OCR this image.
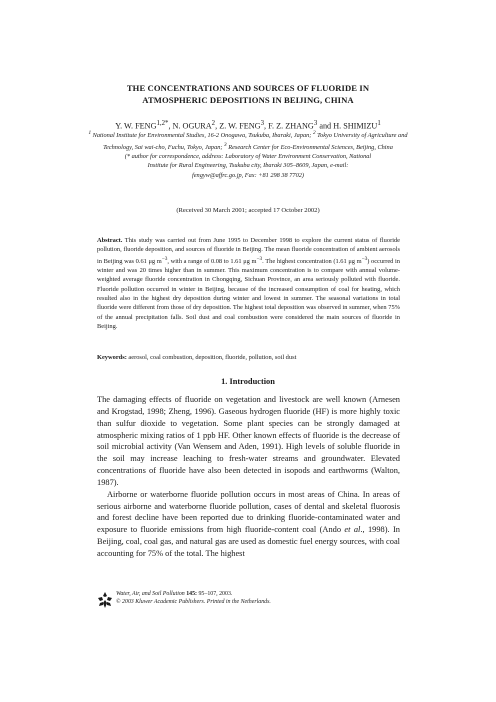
THE CONCENTRATIONS AND SOURCES OF FLUORIDE IN
ATMOSPHERIC DEPOSITIONS IN BEIJING, CHINA
Y. W. $FENG^{1,2*}$, N. OGURA$^2$, Z. W. FENG$^3$, F. Z. ZHANG$^3$ and H. SHIMIZU$^1$
$^1$ National Institute for Environmental Studies, 16-2 Onogawa, Tsukuba, Ibaraki, Japan; $^2$ Tokyo University of Agriculture and Technology, Sai wai-cho, Fuchu, Tokyo, Japan; $^3$ Research Center for Eco-Environmental Sciences, Beijing, China
(* author for correspondence, address: Laboratory of Water Environment Conservation, National
Institute for Rural Engineering, Tsukuba city, Ibaraki 305–8609, Japan, e-mail:
fengyw@affrc.go.jp, Fax: +81 298 38 7702)
(Received 30 March 2001; accepted 17 October 2002)
Abstract. This study was carried out from June 1995 to December 1998 to explore the current status of fluoride pollution, fluoride deposition, and sources of fluoride in Beijing. The mean fluoride concentration of ambient aerosols in Beijing was 0.61 μg $m^{-3}$, with a range of 0.08 to 1.61 μg $m^{-3}$. The highest concentration (1.61 μg $m^{-3}$) occurred in winter and was 20 times higher than in summer. This maximum concentration is to compare with annual volume-weighted average fluoride concentration in Chongqing, Sichuan Province, an area seriously polluted with fluoride. Fluoride pollution occurred in winter in Beijing, because of the increased consumption of coal for heating, which resulted also in the highest dry deposition during winter and lowest in summer. The seasonal variations in total fluoride were different from those of dry deposition. The highest total deposition was observed in summer, when 75% of the annual precipitation falls. Soil dust and coal combustion were considered the main sources of fluoride in Beijing.
Keywords: aerosol, coal combustion, deposition, fluoride, pollution, soil dust
1. Introduction

The damaging effects of fluoride on vegetation and livestock are well known (Arnesen and Krogstad, 1998; Zheng, 1996). Gaseous hydrogen fluoride (HF) is more highly toxic than sulfur dioxide to vegetation. Some plant species can be strongly damaged at atmospheric mixing ratios of 1 ppb HF. Other known effects of fluoride is the decrease of soil microbial activity (Van Wensem and Aden, 1991). High levels of soluble fluoride in the soil may increase leaching to fresh-water streams and groundwater. Elevated concentrations of fluoride have also been detected in isopods and earthworms (Walton, 1987).

Airborne or waterborne fluoride pollution occurs in most areas of China. In areas of serious airborne and waterborne fluoride pollution, cases of dental and skeletal fluorosis and forest decline have been reported due to drinking fluoride-contaminated water and exposure to fluoride emissions from high fluoride-content coal (Ando et al., 1998). In Beijing, coal, coal gas, and natural gas are used as domestic fuel energy sources, with coal accounting for 75% of the total. The highest

Water, Air, and Soil Pollution 145: 95–107, 2003.
© 2003 Kluwer Academic Publishers. Printed in the Netherlands.
